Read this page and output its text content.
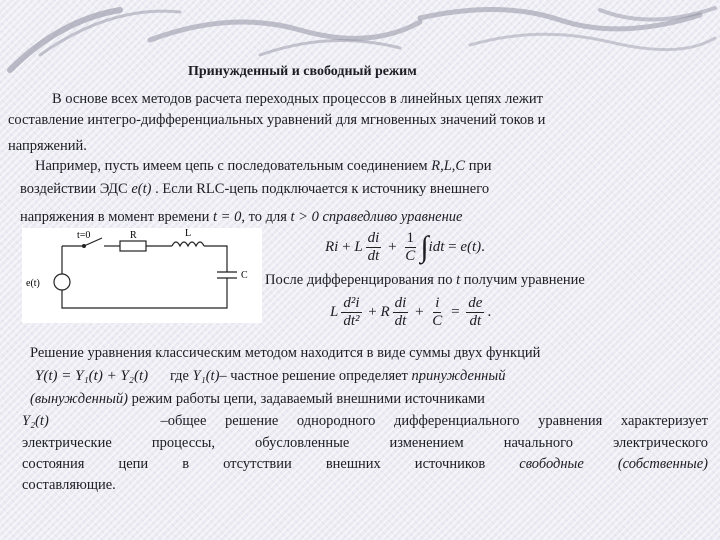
Принужденный и свободный режим
В основе всех методов расчета переходных процессов в линейных цепях лежит
составление интегро-дифференциальных уравнений для мгновенных значений токов и
напряжений.
Например, пусть имеем цепь с последовательным соединением R,L,C при
воздействии ЭДС e(t) . Если RLC-цепь подключается к источнику внешнего
напряжения в момент времени t = 0, то для t > 0 справедливо уравнение
t=0	R	L
C
e(t)
Ri + L $\frac{di}{dt} + \frac{1}{C} \int idt = e(t)$.
После дифференцирования по t получим уравнение
L $\frac{\text{d²i}}{\text{dt²}} + R \frac{di}{dt} + \frac{i}{C} = \frac{de}{dt}$ .
Решение уравнения классическим методом находится в виде суммы двух функций
Y(t) = Y₁(t) + Y₂(t) где Y₁(t)– частное решение определяет принужденный
(вынужденный) режим работы цепи, задаваемый внешними источниками
Y₂(t)	–общее решение однородного дифференциального уравнения характеризует
электрические процессы, обусловленные изменением начального электрического
состояния цепи в отсутствии внешних источников свободные (собственные)
составляющие.
